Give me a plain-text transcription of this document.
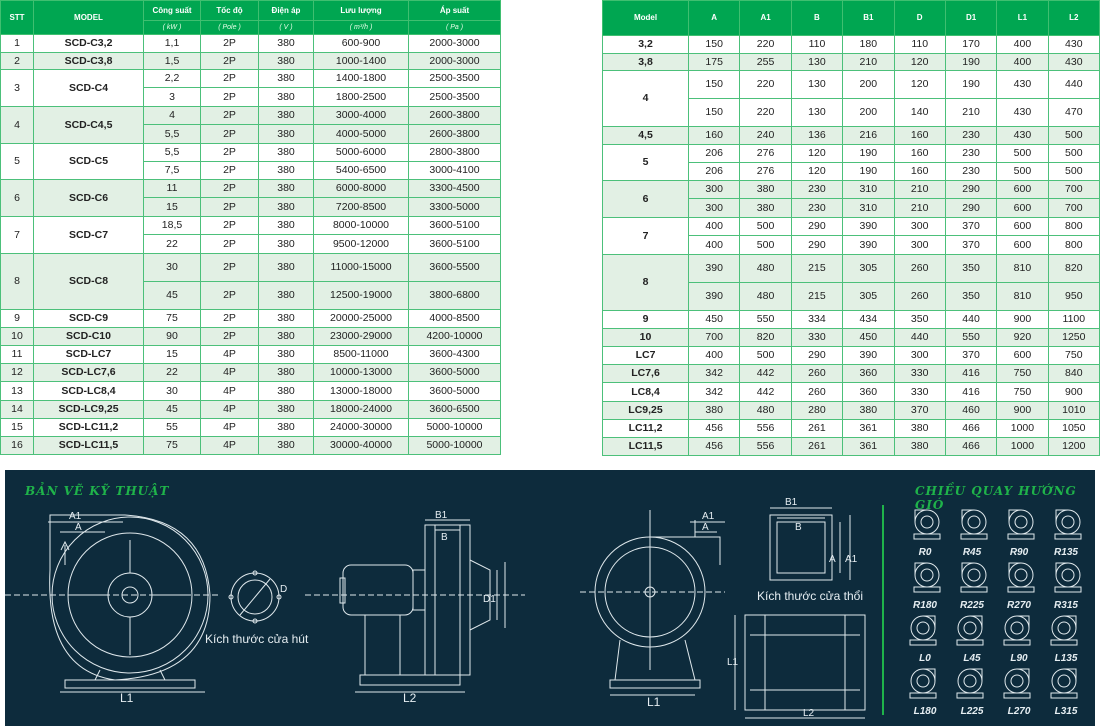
STT	MODEL	Công suất	Tốc độ	Điện áp	Lưu lượng	Áp suất
		( kW )	( Pole )	( V )	( m³/h )	( Pa )
1	SCD-C3,2	1,1	2P	380	600-900	2000-3000
2	SCD-C3,8	1,5	2P	380	1000-1400	2000-3000
3	SCD-C4	2,2	2P	380	1400-1800	2500-3500
		3	2P	380	1800-2500	2500-3500
4	SCD-C4,5	4	2P	380	3000-4000	2600-3800
		5,5	2P	380	4000-5000	2600-3800
5	SCD-C5	5,5	2P	380	5000-6000	2800-3800
		7,5	2P	380	5400-6500	3000-4100
6	SCD-C6	11	2P	380	6000-8000	3300-4500
		15	2P	380	7200-8500	3300-5000
7	SCD-C7	18,5	2P	380	8000-10000	3600-5100
		22	2P	380	9500-12000	3600-5100
8	SCD-C8	30	2P	380	11000-15000	3600-5500
		45	2P	380	12500-19000	3800-6800
9	SCD-C9	75	2P	380	20000-25000	4000-8500
10	SCD-C10	90	2P	380	23000-29000	4200-10000
11	SCD-LC7	15	4P	380	8500-11000	3600-4300
12	SCD-LC7,6	22	4P	380	10000-13000	3600-5000
13	SCD-LC8,4	30	4P	380	13000-18000	3600-5000
14	SCD-LC9,25	45	4P	380	18000-24000	3600-6500
15	SCD-LC11,2	55	4P	380	24000-30000	5000-10000
16	SCD-LC11,5	75	4P	380	30000-40000	5000-10000
Model	A	A1	B	B1	D	D1	L1	L2
3,2	150	220	110	180	110	170	400	430
3,8	175	255	130	210	120	190	400	430
4	150	220	130	200	120	190	430	440
	150	220	130	200	140	210	430	470
4,5	160	240	136	216	160	230	430	500
5	206	276	120	190	160	230	500	500
	206	276	120	190	160	230	500	500
6	300	380	230	310	210	290	600	700
	300	380	230	310	210	290	600	700
7	400	500	290	390	300	370	600	800
	400	500	290	390	300	370	600	800
8	390	480	215	305	260	350	810	820
	390	480	215	305	260	350	810	950
9	450	550	334	434	350	440	900	1100
10	700	820	330	450	440	550	920	1250
LC7	400	500	290	390	300	370	600	750
LC7,6	342	442	260	360	330	416	750	840
LC8,4	342	442	260	360	330	416	750	900
LC9,25	380	480	280	380	370	460	900	1010
LC11,2	456	556	261	361	380	466	1000	1050
LC11,5	456	556	261	361	380	466	1000	1200
BẢN VẼ KỸ THUẬT	CHIỀU QUAY HƯỚNG GIÓ
A1
A
L1
D
Kích thước cửa hút
B1
B
D1
L2
A1
A
L1
B1
B
A A1
Kích thước cửa thổi
L1
L2
R0	R45	R90	R135
R180	R225	R270	R315
L0	L45	L90	L135
L180	L225	L270	L315
